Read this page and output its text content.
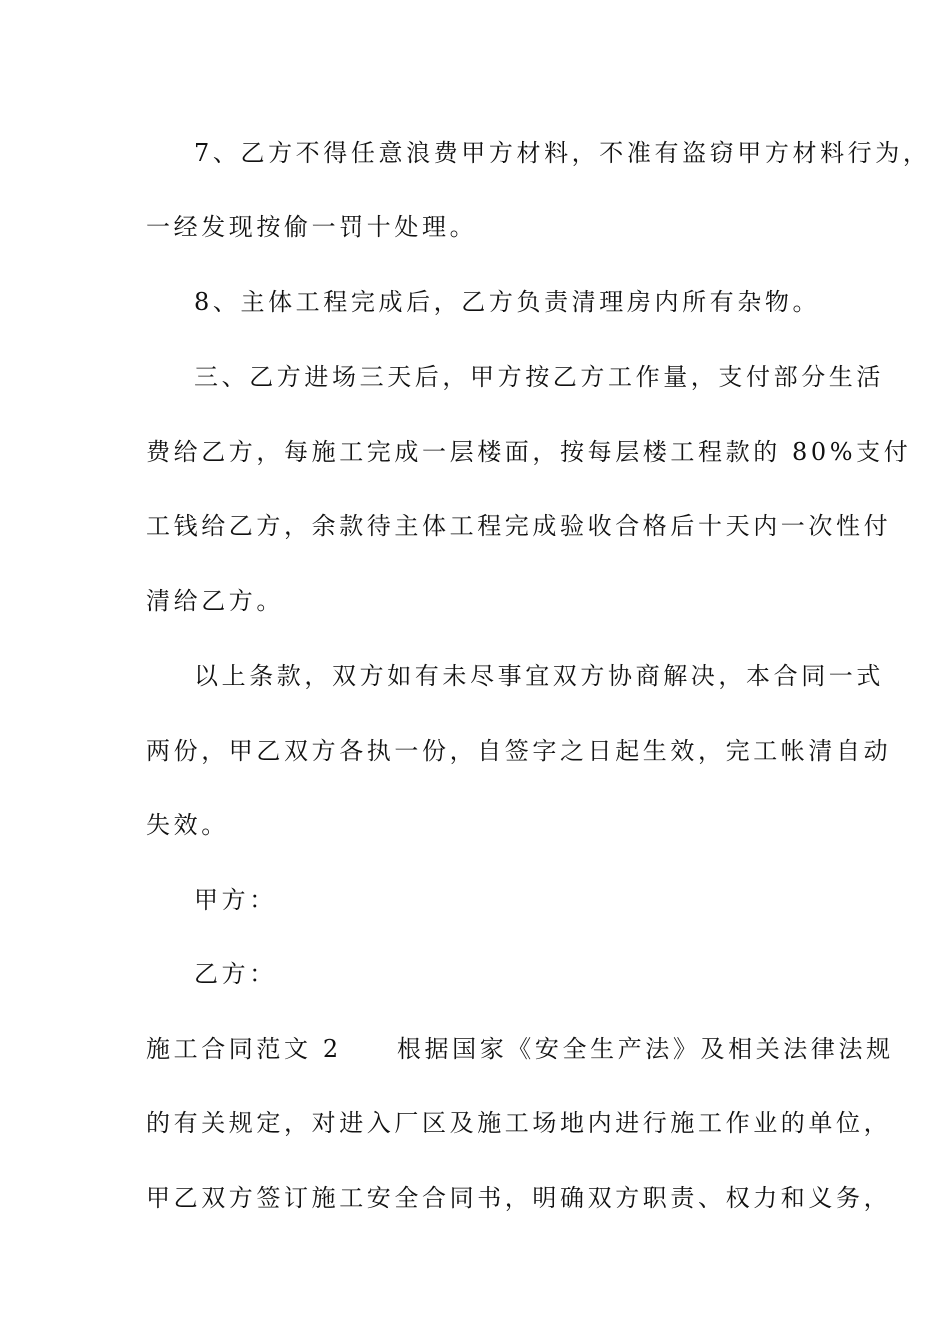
7、乙方不得任意浪费甲方材料，不准有盗窃甲方材料行为，
一经发现按偷一罚十处理。
8、主体工程完成后，乙方负责清理房内所有杂物。
三、乙方进场三天后，甲方按乙方工作量，支付部分生活
费给乙方，每施工完成一层楼面，按每层楼工程款的 80%支付
工钱给乙方，余款待主体工程完成验收合格后十天内一次性付
清给乙方。
以上条款，双方如有未尽事宜双方协商解决，本合同一式
两份，甲乙双方各执一份，自签字之日起生效，完工帐清自动
失效。
甲方：
乙方：
施工合同范文 2　　根据国家《安全生产法》及相关法律法规
的有关规定，对进入厂区及施工场地内进行施工作业的单位，
甲乙双方签订施工安全合同书，明确双方职责、权力和义务，
